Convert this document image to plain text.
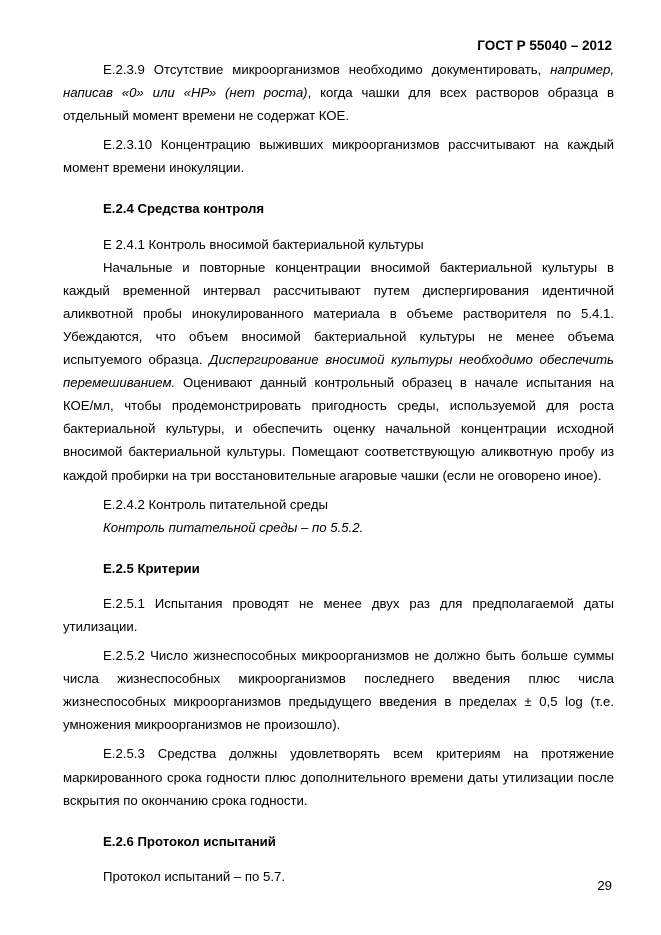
ГОСТ Р 55040 – 2012

Е.2.3.9 Отсутствие микроорганизмов необходимо документировать, например, написав «0» или «НР» (нет роста), когда чашки для всех растворов образца в отдельный момент времени не содержат КОЕ.

Е.2.3.10 Концентрацию выживших микроорганизмов рассчитывают на каждый момент времени инокуляции.

Е.2.4 Средства контроля

Е 2.4.1 Контроль вносимой бактериальной культуры

Начальные и повторные концентрации вносимой бактериальной культуры в каждый временной интервал рассчитывают путем диспергирования идентичной аликвотной пробы инокулированного материала в объеме растворителя по 5.4.1. Убеждаются, что объем вносимой бактериальной культуры не менее объема испытуемого образца. Диспергирование вносимой культуры необходимо обеспечить перемешиванием. Оценивают данный контрольный образец в начале испытания на КОЕ/мл, чтобы продемонстрировать пригодность среды, используемой для роста бактериальной культуры, и обеспечить оценку начальной концентрации исходной вносимой бактериальной культуры. Помещают соответствующую аликвотную пробу из каждой пробирки на три восстановительные агаровые чашки (если не оговорено иное).

Е.2.4.2 Контроль питательной среды

Контроль питательной среды – по 5.5.2.

Е.2.5 Критерии

Е.2.5.1 Испытания проводят не менее двух раз для предполагаемой даты утилизации.

Е.2.5.2 Число жизнеспособных микроорганизмов не должно быть больше суммы числа жизнеспособных микроорганизмов последнего введения плюс числа жизнеспособных микроорганизмов предыдущего введения в пределах ± 0,5 log (т.е. умножения микроорганизмов не произошло).

Е.2.5.3 Средства должны удовлетворять всем критериям на протяжение маркированного срока годности плюс дополнительного времени даты утилизации после вскрытия по окончанию срока годности.

Е.2.6 Протокол испытаний

Протокол испытаний – по 5.7.

29
